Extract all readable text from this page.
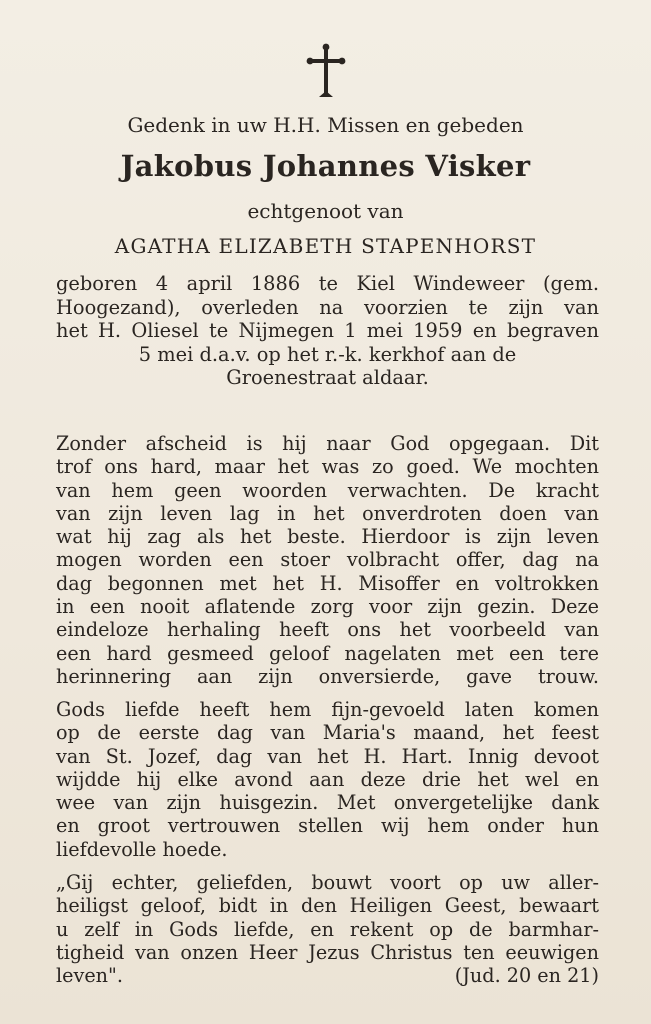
Gedenk in uw H.H. Missen en gebeden
Jakobus Johannes Visker
echtgenoot van
AGATHA ELIZABETH STAPENHORST
geboren 4 april 1886 te Kiel Windeweer (gem.
Hoogezand), overleden na voorzien te zijn van
het H. Oliesel te Nijmegen 1 mei 1959 en begraven
5 mei d.a.v. op het r.-k. kerkhof aan de
Groenestraat aldaar.
Zonder afscheid is hij naar God opgegaan. Dit
trof ons hard, maar het was zo goed. We mochten
van hem geen woorden verwachten. De kracht
van zijn leven lag in het onverdroten doen van
wat hij zag als het beste. Hierdoor is zijn leven
mogen worden een stoer volbracht offer, dag na
dag begonnen met het H. Misoffer en voltrokken
in een nooit aflatende zorg voor zijn gezin. Deze
eindeloze herhaling heeft ons het voorbeeld van
een hard gesmeed geloof nagelaten met een tere
herinnering aan zijn onversierde, gave trouw.
Gods liefde heeft hem fijn-gevoeld laten komen
op de eerste dag van Maria's maand, het feest
van St. Jozef, dag van het H. Hart. Innig devoot
wijdde hij elke avond aan deze drie het wel en
wee van zijn huisgezin. Met onvergetelijke dank
en groot vertrouwen stellen wij hem onder hun
liefdevolle hoede.
„Gij echter, geliefden, bouwt voort op uw aller-
heiligst geloof, bidt in den Heiligen Geest, bewaart
u zelf in Gods liefde, en rekent op de barmhar-
tigheid van onzen Heer Jezus Christus ten eeuwigen
leven".	(Jud. 20 en 21)
